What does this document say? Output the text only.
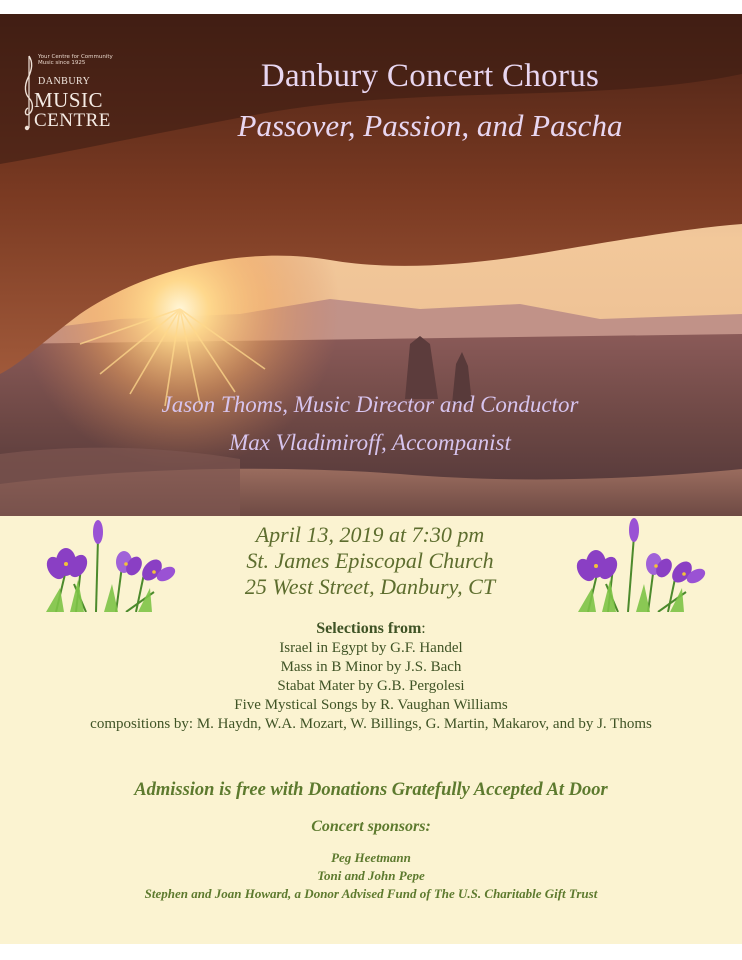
Your Centre for Community Music since 1925
DANBURY
MUSIC
CENTRE
Danbury Concert Chorus
Passover, Passion, and Pascha
Jason Thoms, Music Director and Conductor
Max Vladimiroff, Accompanist
April 13, 2019 at 7:30 pm
St. James Episcopal Church
25 West Street, Danbury, CT
Selections from:
Israel in Egypt by G.F. Handel
Mass in B Minor by J.S. Bach
Stabat Mater by G.B. Pergolesi
Five Mystical Songs by R. Vaughan Williams
compositions by: M. Haydn, W.A. Mozart, W. Billings, G. Martin, Makarov, and by J. Thoms
Admission is free with Donations Gratefully Accepted At Door
Concert sponsors:
Peg Heetmann
Toni and John Pepe
Stephen and Joan Howard, a Donor Advised Fund of The U.S. Charitable Gift Trust
